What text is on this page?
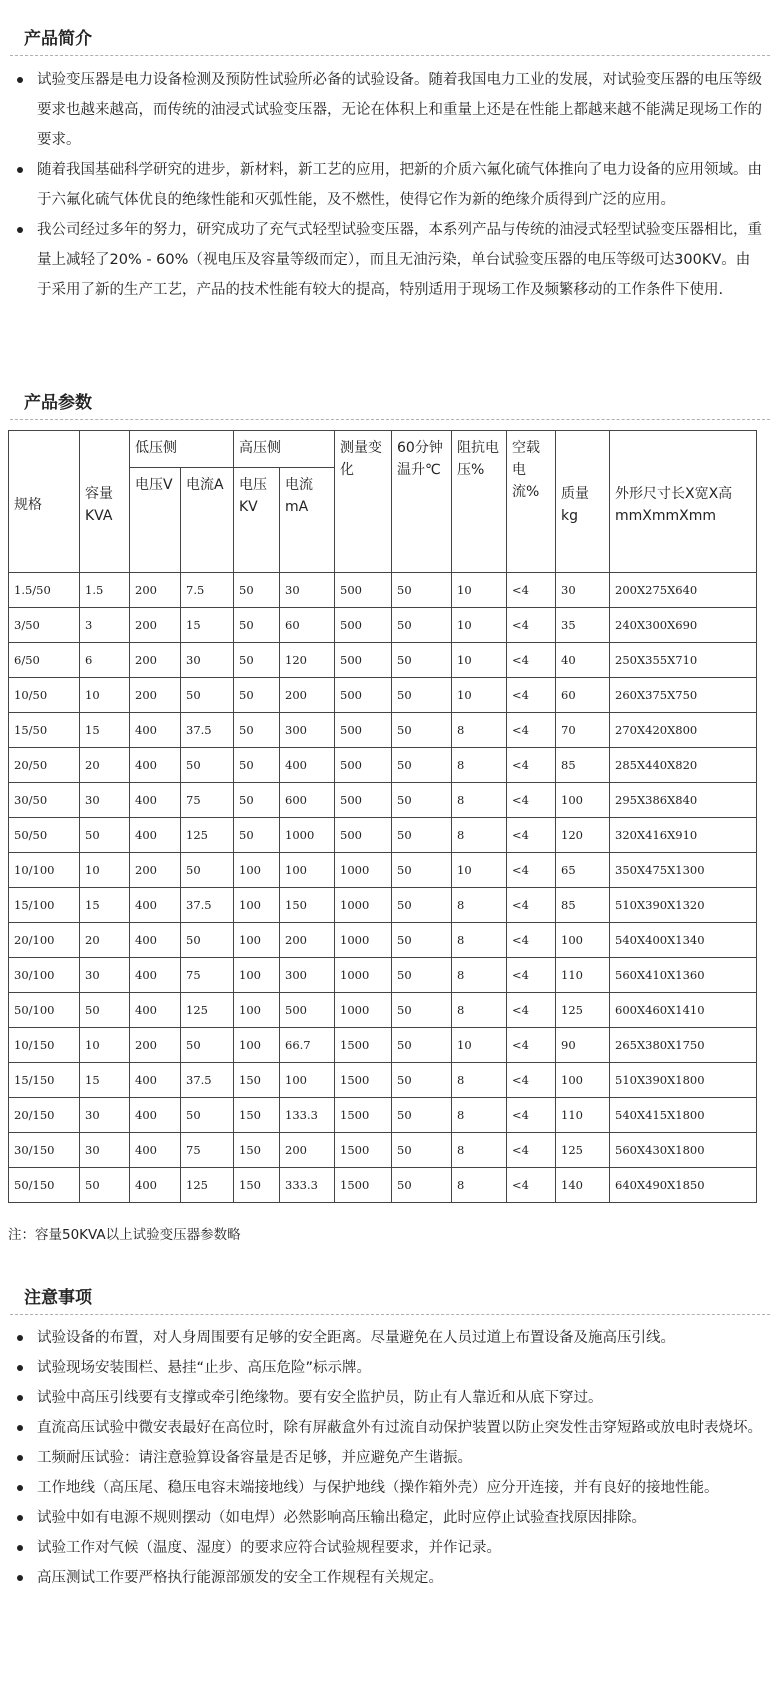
产品简介
试验变压器是电力设备检测及预防性试验所必备的试验设备。随着我国电力工业的发展，对试验变压器的电压等级要求也越来越高，而传统的油浸式试验变压器，无论在体积上和重量上还是在性能上都越来越不能满足现场工作的要求。
随着我国基础科学研究的进步，新材料，新工艺的应用，把新的介质六氟化硫气体推向了电力设备的应用领域。由于六氟化硫气体优良的绝缘性能和灭弧性能，及不燃性，使得它作为新的绝缘介质得到广泛的应用。
我公司经过多年的努力，研究成功了充气式轻型试验变压器，本系列产品与传统的油浸式轻型试验变压器相比，重量上减轻了20% - 60%（视电压及容量等级而定），而且无油污染，单台试验变压器的电压等级可达300KV。由于采用了新的生产工艺，产品的技术性能有较大的提高，特别适用于现场工作及频繁移动的工作条件下使用.
产品参数
规格	容量KVA	低压侧		高压侧		测量变化	60分钟温升℃	阻抗电压%	空载电流%	质量kg	外形尺寸长X宽X高mmXmmXmm
		电压V	电流A	电压KV	电流mA						
1.5/50	1.5	200	7.5	50	30	500	50	10	<4	30	200X275X640
3/50	3	200	15	50	60	500	50	10	<4	35	240X300X690
6/50	6	200	30	50	120	500	50	10	<4	40	250X355X710
10/50	10	200	50	50	200	500	50	10	<4	60	260X375X750
15/50	15	400	37.5	50	300	500	50	8	<4	70	270X420X800
20/50	20	400	50	50	400	500	50	8	<4	85	285X440X820
30/50	30	400	75	50	600	500	50	8	<4	100	295X386X840
50/50	50	400	125	50	1000	500	50	8	<4	120	320X416X910
10/100	10	200	50	100	100	1000	50	10	<4	65	350X475X1300
15/100	15	400	37.5	100	150	1000	50	8	<4	85	510X390X1320
20/100	20	400	50	100	200	1000	50	8	<4	100	540X400X1340
30/100	30	400	75	100	300	1000	50	8	<4	110	560X410X1360
50/100	50	400	125	100	500	1000	50	8	<4	125	600X460X1410
10/150	10	200	50	100	66.7	1500	50	10	<4	90	265X380X1750
15/150	15	400	37.5	150	100	1500	50	8	<4	100	510X390X1800
20/150	30	400	50	150	133.3	1500	50	8	<4	110	540X415X1800
30/150	30	400	75	150	200	1500	50	8	<4	125	560X430X1800
50/150	50	400	125	150	333.3	1500	50	8	<4	140	640X490X1850
注：容量50KVA以上试验变压器参数略
注意事项
试验设备的布置，对人身周围要有足够的安全距离。尽量避免在人员过道上布置设备及施高压引线。
试验现场安装围栏、悬挂“止步、高压危险”标示牌。
试验中高压引线要有支撑或牵引绝缘物。要有安全监护员，防止有人靠近和从底下穿过。
直流高压试验中微安表最好在高位时，除有屏蔽盒外有过流自动保护装置以防止突发性击穿短路或放电时表烧坏。
工频耐压试验：请注意验算设备容量是否足够，并应避免产生谐振。
工作地线（高压尾、稳压电容末端接地线）与保护地线（操作箱外壳）应分开连接，并有良好的接地性能。
试验中如有电源不规则摆动（如电焊）必然影响高压输出稳定，此时应停止试验查找原因排除。
试验工作对气候（温度、湿度）的要求应符合试验规程要求，并作记录。
高压测试工作要严格执行能源部颁发的安全工作规程有关规定。
